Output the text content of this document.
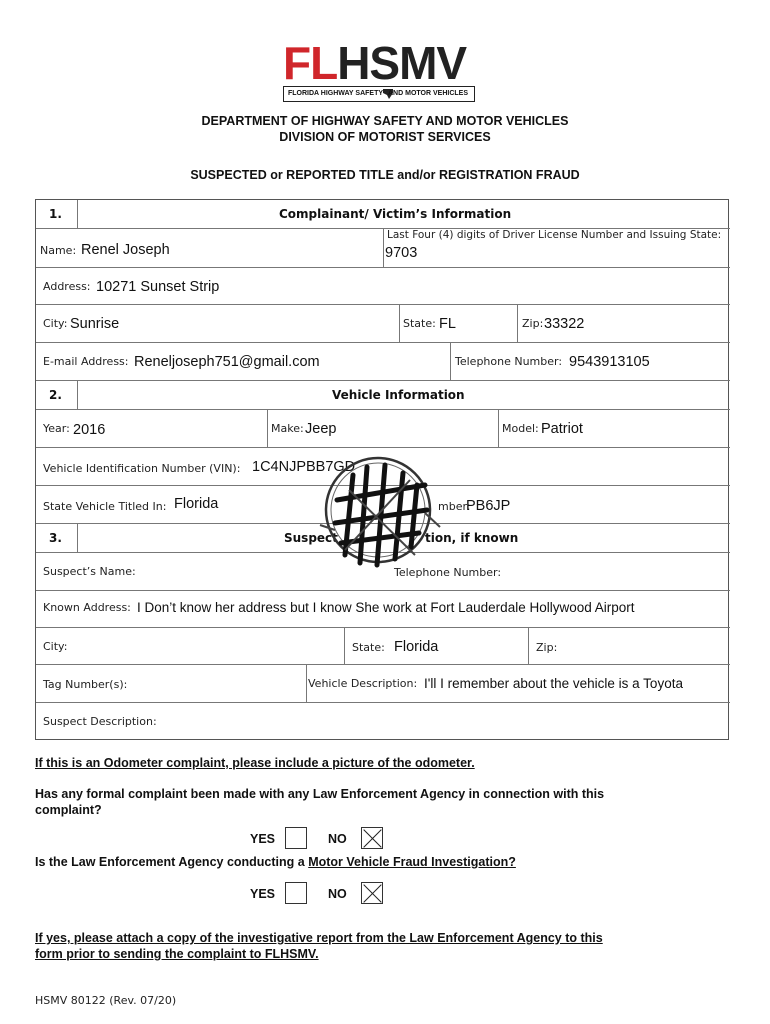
FLHSMV
FLORIDA HIGHWAY SAFETY AND MOTOR VEHICLES
DEPARTMENT OF HIGHWAY SAFETY AND MOTOR VEHICLES
DIVISION OF MOTORIST SERVICES
SUSPECTED or REPORTED TITLE and/or REGISTRATION FRAUD
1.	Complainant/ Victim’s Information
Name: Renel Joseph
Last Four (4) digits of Driver License Number and Issuing State:
9703
Address: 10271 Sunset Strip
City: Sunrise	State: FL	Zip: 33322
E-mail Address: Reneljoseph751@gmail.com	Telephone Number: 9543913105
2.	Vehicle Information
Year: 2016	Make: Jeep	Model: Patriot
Vehicle Identification Number (VIN): 1C4NJPBB7GD
State Vehicle Titled In: Florida	mber:
PB6JP
3.	Suspect	tion, if known
Suspect’s Name:	Telephone Number:
Known Address: I Don’t know her address but I know She work at Fort Lauderdale Hollywood Airport
City:	State: Florida	Zip:
Tag Number(s):	Vehicle Description: I'll I remember about the vehicle is a Toyota
Suspect Description:
If this is an Odometer complaint, please include a picture of the odometer.
Has any formal complaint been made with any Law Enforcement Agency in connection with this
complaint?
YES	NO
Is the Law Enforcement Agency conducting a Motor Vehicle Fraud Investigation?
YES	NO
If yes, please attach a copy of the investigative report from the Law Enforcement Agency to this
form prior to sending the complaint to FLHSMV.
HSMV 80122 (Rev. 07/20)
